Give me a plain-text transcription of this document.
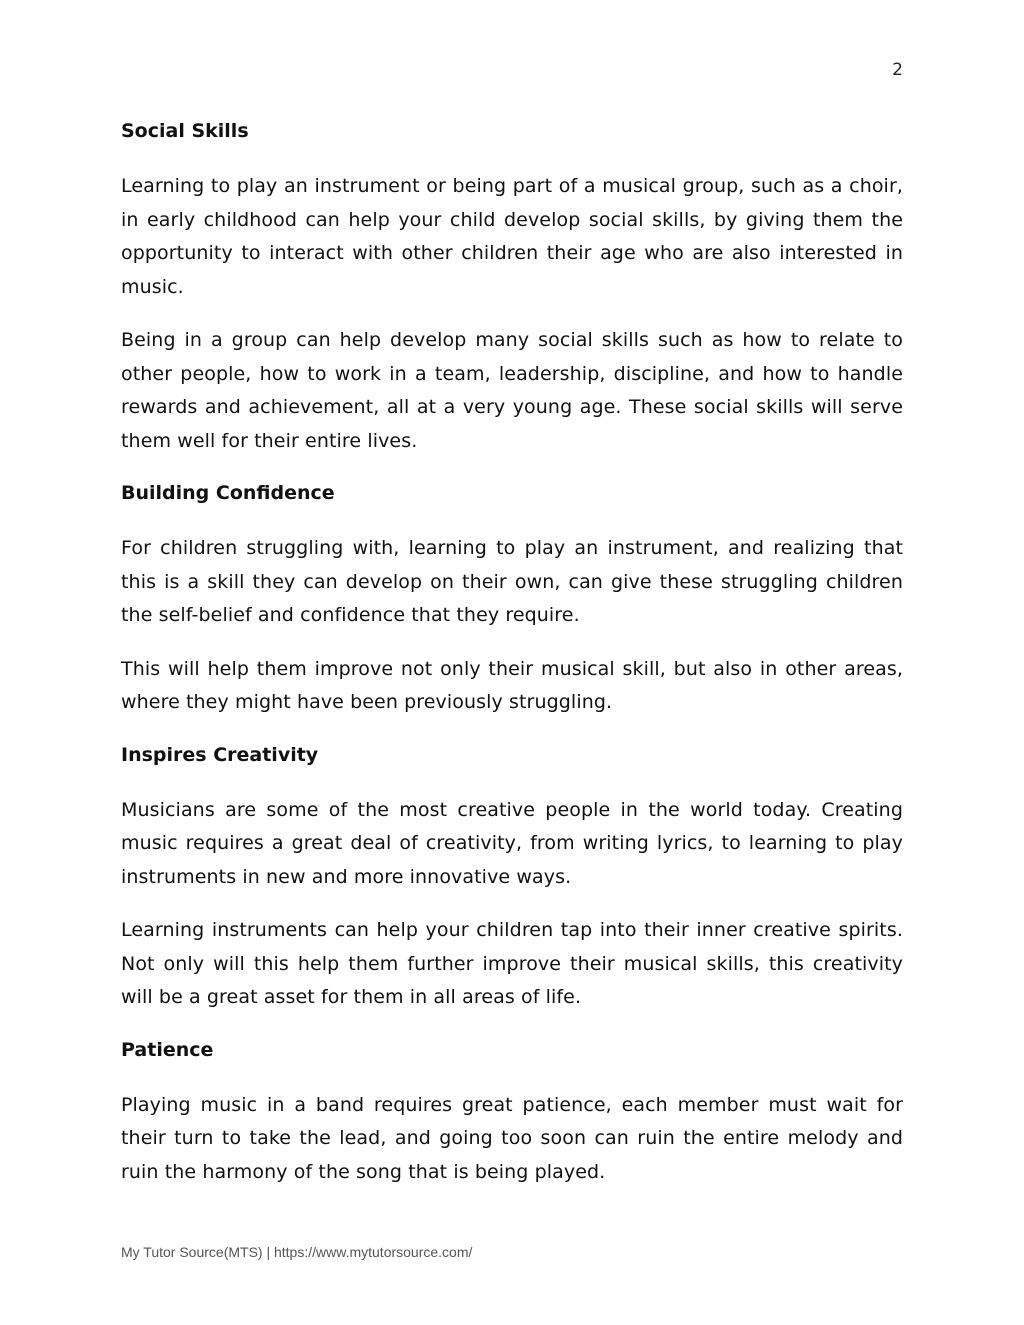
2
Social Skills

Learning to play an instrument or being part of a musical group, such as a choir, in early childhood can help your child develop social skills, by giving them the opportunity to interact with other children their age who are also interested in music.

Being in a group can help develop many social skills such as how to relate to other people, how to work in a team, leadership, discipline, and how to handle rewards and achievement, all at a very young age. These social skills will serve them well for their entire lives.

Building Confidence

For children struggling with, learning to play an instrument, and realizing that this is a skill they can develop on their own, can give these struggling children the self-belief and confidence that they require.

This will help them improve not only their musical skill, but also in other areas, where they might have been previously struggling.

Inspires Creativity

Musicians are some of the most creative people in the world today. Creating music requires a great deal of creativity, from writing lyrics, to learning to play instruments in new and more innovative ways.

Learning instruments can help your children tap into their inner creative spirits. Not only will this help them further improve their musical skills, this creativity will be a great asset for them in all areas of life.

Patience

Playing music in a band requires great patience, each member must wait for their turn to take the lead, and going too soon can ruin the entire melody and ruin the harmony of the song that is being played.

My Tutor Source(MTS) | https://www.mytutorsource.com/
